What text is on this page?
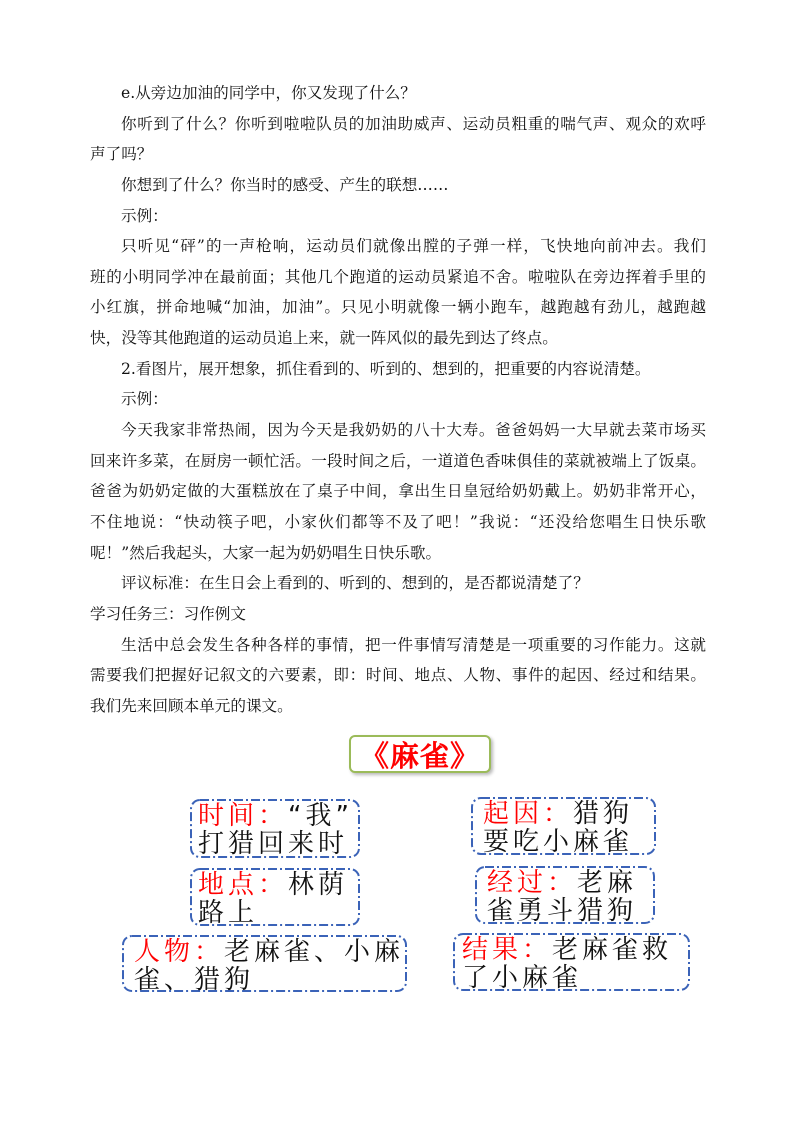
e.从旁边加油的同学中，你又发现了什么？
你听到了什么？你听到啦啦队员的加油助威声、运动员粗重的喘气声、观众的欢呼
声了吗？
你想到了什么？你当时的感受、产生的联想……
示例：
只听见“砰”的一声枪响，运动员们就像出膛的子弹一样，飞快地向前冲去。我们
班的小明同学冲在最前面；其他几个跑道的运动员紧追不舍。啦啦队在旁边挥着手里的
小红旗，拼命地喊“加油，加油”。只见小明就像一辆小跑车，越跑越有劲儿，越跑越
快，没等其他跑道的运动员追上来，就一阵风似的最先到达了终点。
2.看图片，展开想象，抓住看到的、听到的、想到的，把重要的内容说清楚。
示例：
今天我家非常热闹，因为今天是我奶奶的八十大寿。爸爸妈妈一大早就去菜市场买
回来许多菜，在厨房一顿忙活。一段时间之后，一道道色香味俱佳的菜就被端上了饭桌。
爸爸为奶奶定做的大蛋糕放在了桌子中间，拿出生日皇冠给奶奶戴上。奶奶非常开心，
不住地说：“快动筷子吧，小家伙们都等不及了吧！”我说：“还没给您唱生日快乐歌
呢！”然后我起头，大家一起为奶奶唱生日快乐歌。
评议标准：在生日会上看到的、听到的、想到的，是否都说清楚了？
学习任务三：习作例文
生活中总会发生各种各样的事情，把一件事情写清楚是一项重要的习作能力。这就
需要我们把握好记叙文的六要素，即：时间、地点、人物、事件的起因、经过和结果。
我们先来回顾本单元的课文。
《麻雀》
时间：“我”
打猎回来时
地点：林荫
路上
人物：老麻雀、小麻
雀、猎狗
起因：猎狗
要吃小麻雀
经过：老麻
雀勇斗猎狗
结果：老麻雀救
了小麻雀
